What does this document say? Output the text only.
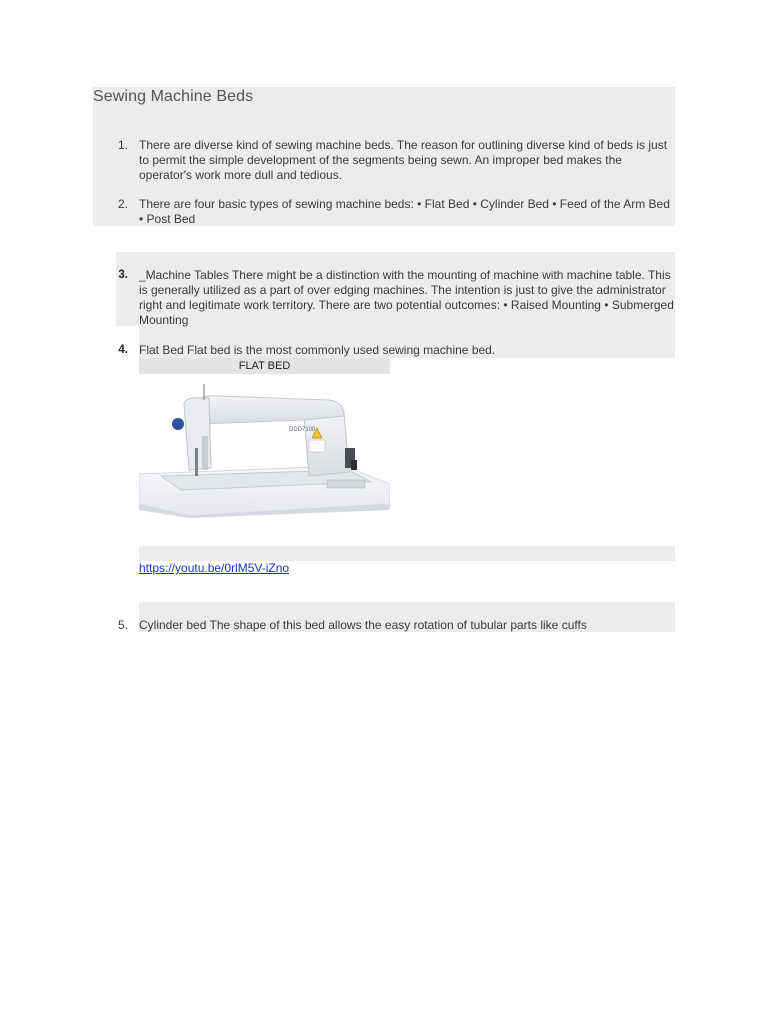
Sewing Machine Beds
1. There are diverse kind of sewing machine beds. The reason for outlining diverse kind of beds is just to permit the simple development of the segments being sewn. An improper bed makes the operator's work more dull and tedious.
2. There are four basic types of sewing machine beds: • Flat Bed • Cylinder Bed • Feed of the Arm Bed • Post Bed
3. _Machine Tables There might be a distinction with the mounting of machine with machine table. This is generally utilized as a part of over edging machines. The intention is just to give the administrator right and legitimate work territory. There are two potential outcomes: • Raised Mounting • Submerged Mounting
4. Flat Bed Flat bed is the most commonly used sewing machine bed.
FLAT BED
DDD7100
https://youtu.be/0rlM5V-iZno
5. Cylinder bed The shape of this bed allows the easy rotation of tubular parts like cuffs
